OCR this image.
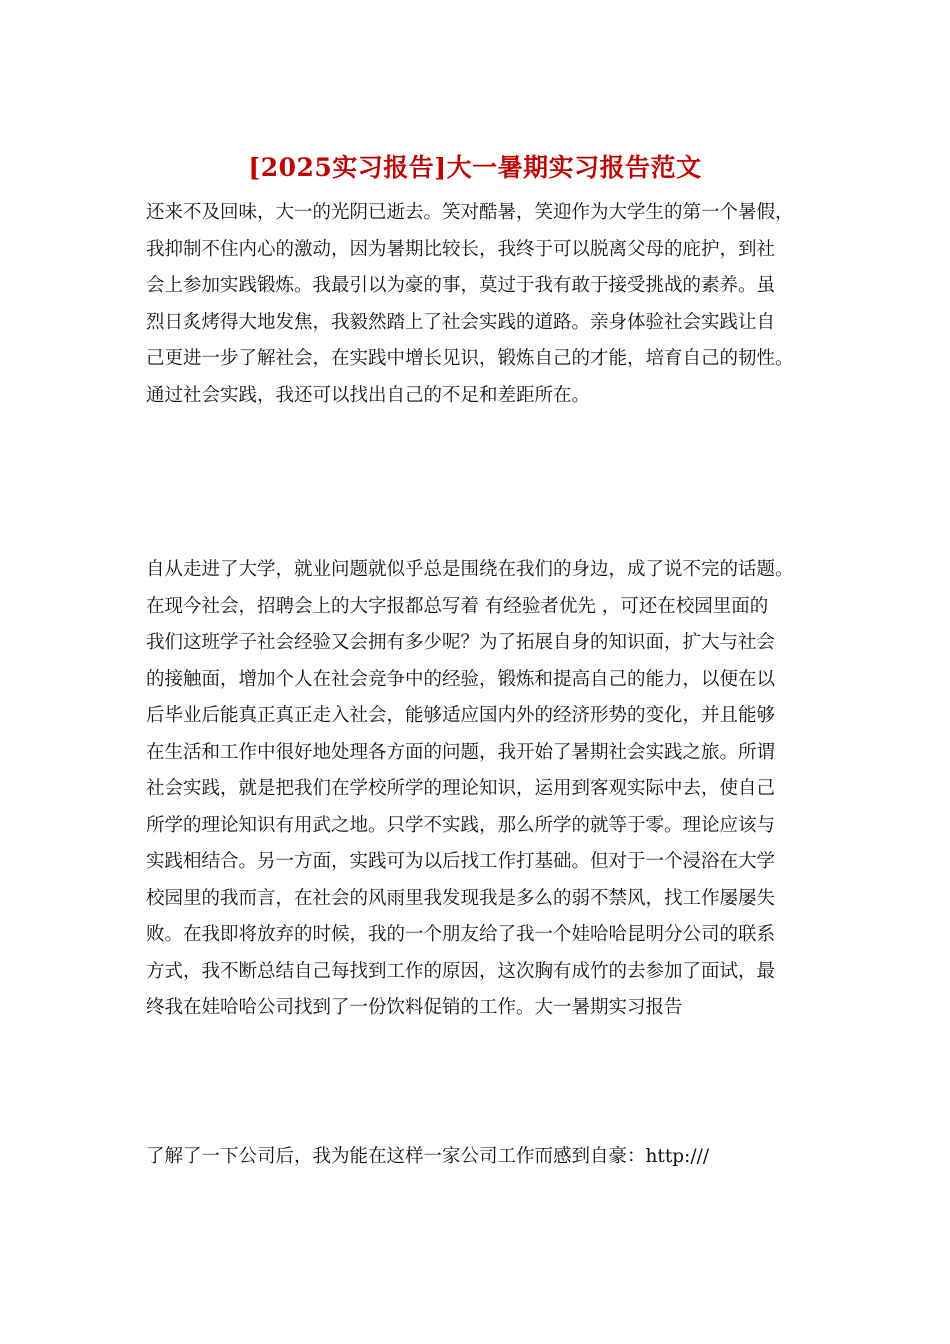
[2025实习报告]大一暑期实习报告范文
还来不及回味，大一的光阴已逝去。笑对酷暑，笑迎作为大学生的第一个暑假，
我抑制不住内心的激动，因为暑期比较长，我终于可以脱离父母的庇护，到社
会上参加实践锻炼。我最引以为豪的事，莫过于我有敢于接受挑战的素养。虽
烈日炙烤得大地发焦，我毅然踏上了社会实践的道路。亲身体验社会实践让自
己更进一步了解社会，在实践中增长见识，锻炼自己的才能，培育自己的韧性。
通过社会实践，我还可以找出自己的不足和差距所在。
自从走进了大学，就业问题就似乎总是围绕在我们的身边，成了说不完的话题。
在现今社会，招聘会上的大字报都总写着 有经验者优先 ，可还在校园里面的
我们这班学子社会经验又会拥有多少呢？为了拓展自身的知识面，扩大与社会
的接触面，增加个人在社会竞争中的经验，锻炼和提高自己的能力，以便在以
后毕业后能真正真正走入社会，能够适应国内外的经济形势的变化，并且能够
在生活和工作中很好地处理各方面的问题，我开始了暑期社会实践之旅。所谓
社会实践，就是把我们在学校所学的理论知识，运用到客观实际中去，使自己
所学的理论知识有用武之地。只学不实践，那么所学的就等于零。理论应该与
实践相结合。另一方面，实践可为以后找工作打基础。但对于一个浸浴在大学
校园里的我而言，在社会的风雨里我发现我是多么的弱不禁风，找工作屡屡失
败。在我即将放弃的时候，我的一个朋友给了我一个娃哈哈昆明分公司的联系
方式，我不断总结自己每找到工作的原因，这次胸有成竹的去参加了面试，最
终我在娃哈哈公司找到了一份饮料促销的工作。大一暑期实习报告
了解了一下公司后，我为能在这样一家公司工作而感到自豪：http:///
